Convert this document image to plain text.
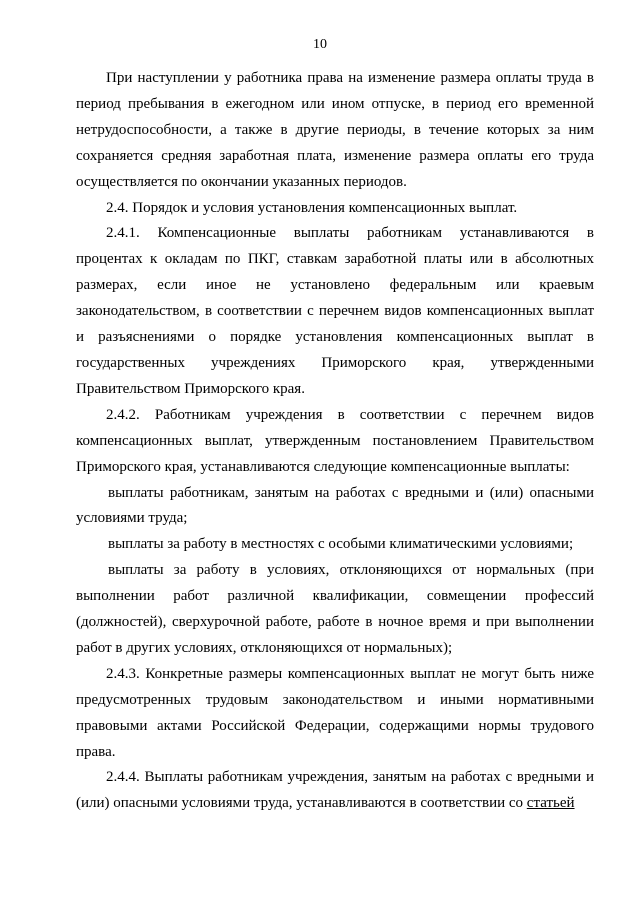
10

При наступлении у работника права на изменение размера оплаты труда в период пребывания в ежегодном или ином отпуске, в период его временной нетрудоспособности, а также в другие периоды, в течение которых за ним сохраняется средняя заработная плата, изменение размера оплаты его труда осуществляется по окончании указанных периодов.

2.4. Порядок и условия установления компенсационных выплат.

2.4.1. Компенсационные выплаты работникам устанавливаются в процентах к окладам по ПКГ, ставкам заработной платы или в абсолютных размерах, если иное не установлено федеральным или краевым законодательством, в соответствии с перечнем видов компенсационных выплат и разъяснениями о порядке установления компенсационных выплат в государственных учреждениях Приморского края, утвержденными Правительством Приморского края.

2.4.2. Работникам учреждения в соответствии с перечнем видов компенсационных выплат, утвержденным постановлением Правительством Приморского края, устанавливаются следующие компенсационные выплаты:

выплаты работникам, занятым на работах с вредными и (или) опасными условиями труда;

выплаты за работу в местностях с особыми климатическими условиями;

выплаты за работу в условиях, отклоняющихся от нормальных (при выполнении работ различной квалификации, совмещении профессий (должностей), сверхурочной работе, работе в ночное время и при выполнении работ в других условиях, отклоняющихся от нормальных);

2.4.3. Конкретные размеры компенсационных выплат не могут быть ниже предусмотренных трудовым законодательством и иными нормативными правовыми актами Российской Федерации, содержащими нормы трудового права.

2.4.4. Выплаты работникам учреждения, занятым на работах с вредными и (или) опасными условиями труда, устанавливаются в соответствии со статьей
